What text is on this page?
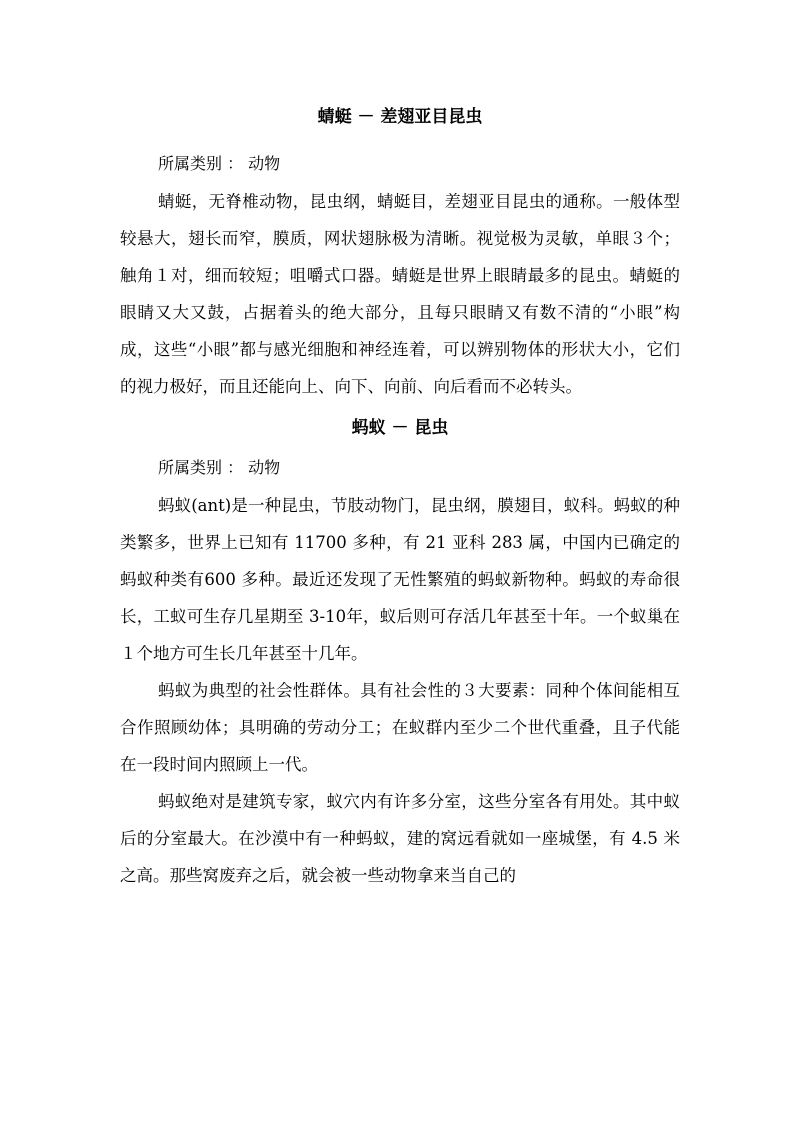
蜻蜓 － 差翅亚目昆虫

所属类别 ： 动物

蜻蜓，无脊椎动物，昆虫纲，蜻蜓目，差翅亚目昆虫的通称。一般体型较悬大，翅长而窄，膜质，网状翅脉极为清晰。视觉极为灵敏，单眼３个；触角１对，细而较短；咀嚼式口器。蜻蜓是世界上眼睛最多的昆虫。蜻蜓的眼睛又大又鼓，占据着头的绝大部分，且每只眼睛又有数不清的“小眼”构成，这些“小眼”都与感光细胞和神经连着，可以辨别物体的形状大小，它们的视力极好，而且还能向上、向下、向前、向后看而不必转头。

蚂蚁 － 昆虫

所属类别 ： 动物

蚂蚁(ant)是一种昆虫，节肢动物门，昆虫纲，膜翅目，蚁科。蚂蚁的种类繁多，世界上已知有 11700 多种，有 21 亚科 283 属，中国内已确定的蚂蚁种类有600 多种。最近还发现了无性繁殖的蚂蚁新物种。蚂蚁的寿命很长，工蚁可生存几星期至 3-10年，蚁后则可存活几年甚至十年。一个蚁巢在１个地方可生长几年甚至十几年。

蚂蚁为典型的社会性群体。具有社会性的３大要素：同种个体间能相互合作照顾幼体；具明确的劳动分工；在蚁群内至少二个世代重叠，且子代能在一段时间内照顾上一代。

蚂蚁绝对是建筑专家，蚁穴内有许多分室，这些分室各有用处。其中蚁后的分室最大。在沙漠中有一种蚂蚁，建的窝远看就如一座城堡，有 4.5 米之高。那些窝废弃之后，就会被一些动物拿来当自己的
